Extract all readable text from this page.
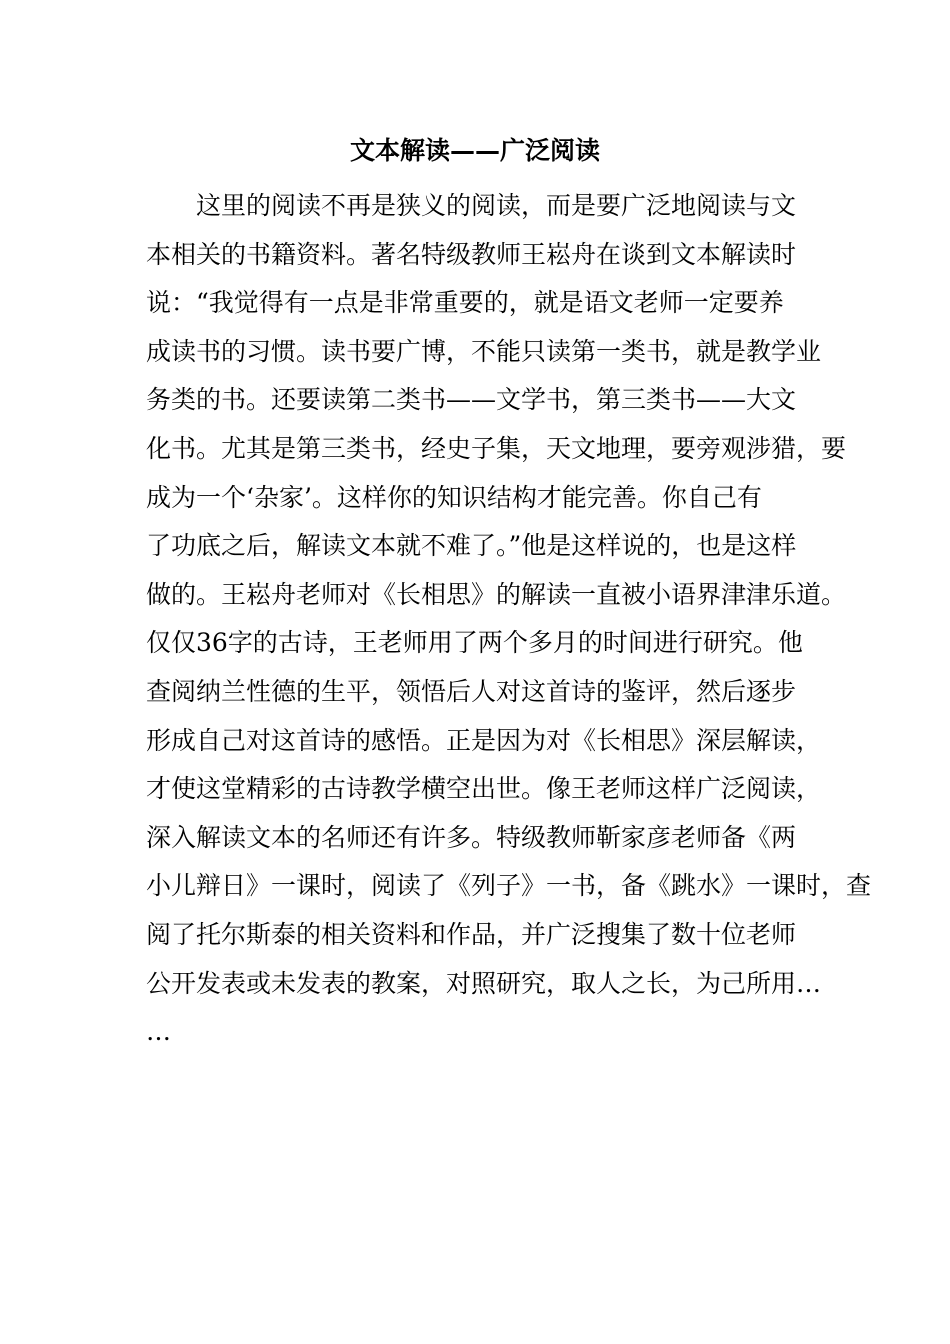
文本解读——广泛阅读
这里的阅读不再是狭义的阅读，而是要广泛地阅读与文
本相关的书籍资料。著名特级教师王崧舟在谈到文本解读时
说：“我觉得有一点是非常重要的，就是语文老师一定要养
成读书的习惯。读书要广博，不能只读第一类书，就是教学业
务类的书。还要读第二类书——文学书，第三类书——大文
化书。尤其是第三类书，经史子集，天文地理，要旁观涉猎，要
成为一个‘杂家’。这样你的知识结构才能完善。你自己有
了功底之后，解读文本就不难了。”他是这样说的，也是这样
做的。王崧舟老师对《长相思》的解读一直被小语界津津乐道。
仅仅36字的古诗，王老师用了两个多月的时间进行研究。他
查阅纳兰性德的生平，领悟后人对这首诗的鉴评，然后逐步
形成自己对这首诗的感悟。正是因为对《长相思》深层解读，
才使这堂精彩的古诗教学横空出世。像王老师这样广泛阅读，
深入解读文本的名师还有许多。特级教师靳家彦老师备《两
小儿辩日》一课时，阅读了《列子》一书，备《跳水》一课时，查
阅了托尔斯泰的相关资料和作品，并广泛搜集了数十位老师
公开发表或未发表的教案，对照研究，取人之长，为己所用…
…
